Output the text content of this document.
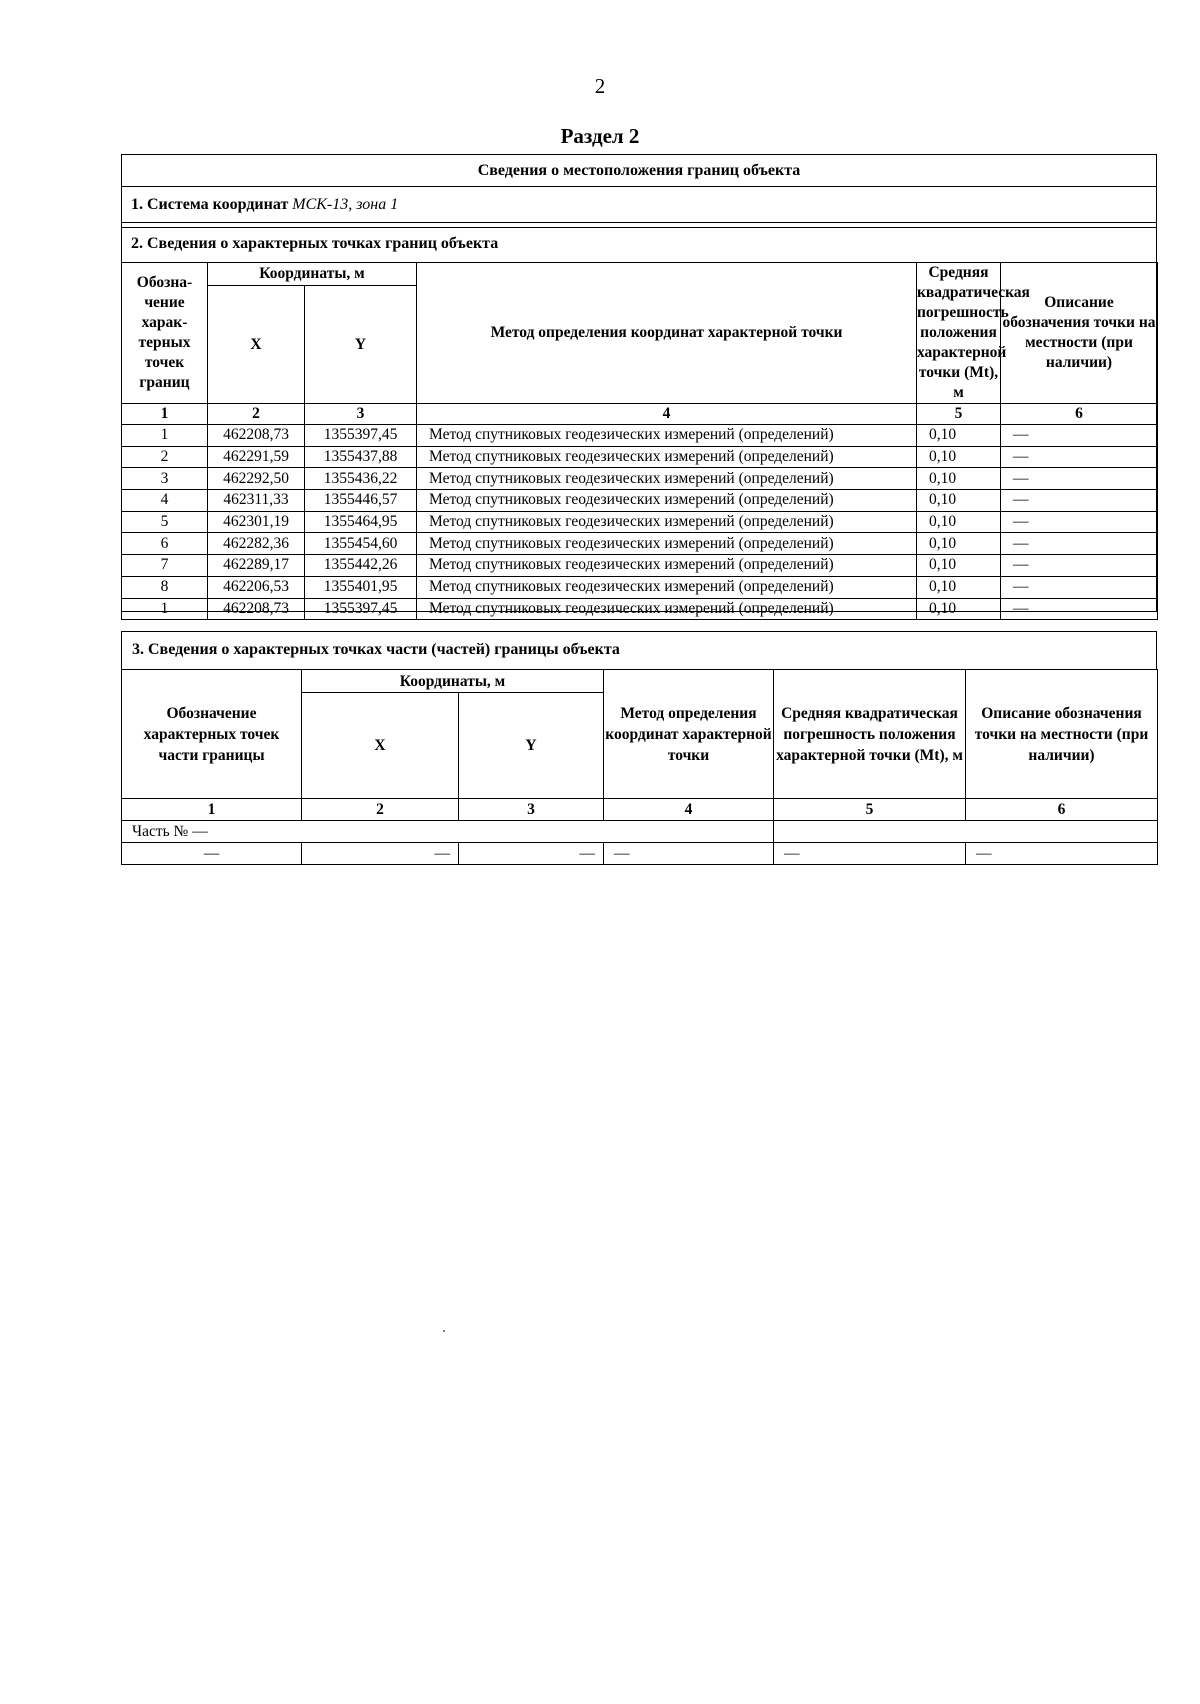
2
Раздел 2
Сведения о местоположения границ объекта
1. Система координат МСК-13, зона 1
2. Сведения о характерных точках границ объекта
Обозна-чение харак-терных точек границ	Координаты, м		Метод определения координат характерной точки	Средняя квадратическая погрешность положения характерной точки (Mt), м	Описание обозначения точки на местности (при наличии)
	X	Y			
1	2	3	4	5	6
1	462208,73	1355397,45	Метод спутниковых геодезических измерений (определений)	0,10	—
2	462291,59	1355437,88	Метод спутниковых геодезических измерений (определений)	0,10	—
3	462292,50	1355436,22	Метод спутниковых геодезических измерений (определений)	0,10	—
4	462311,33	1355446,57	Метод спутниковых геодезических измерений (определений)	0,10	—
5	462301,19	1355464,95	Метод спутниковых геодезических измерений (определений)	0,10	—
6	462282,36	1355454,60	Метод спутниковых геодезических измерений (определений)	0,10	—
7	462289,17	1355442,26	Метод спутниковых геодезических измерений (определений)	0,10	—
8	462206,53	1355401,95	Метод спутниковых геодезических измерений (определений)	0,10	—
1	462208,73	1355397,45	Метод спутниковых геодезических измерений (определений)	0,10	—
3. Сведения о характерных точках части (частей) границы объекта
Обозначение характерных точек части границы	Координаты, м		Метод определения координат характерной точки	Средняя квадратическая погрешность положения характерной точки (Mt), м	Описание обозначения точки на местности (при наличии)
	X	Y			
1	2	3	4	5	6
Часть № —					
—	—	—	—	—	—
